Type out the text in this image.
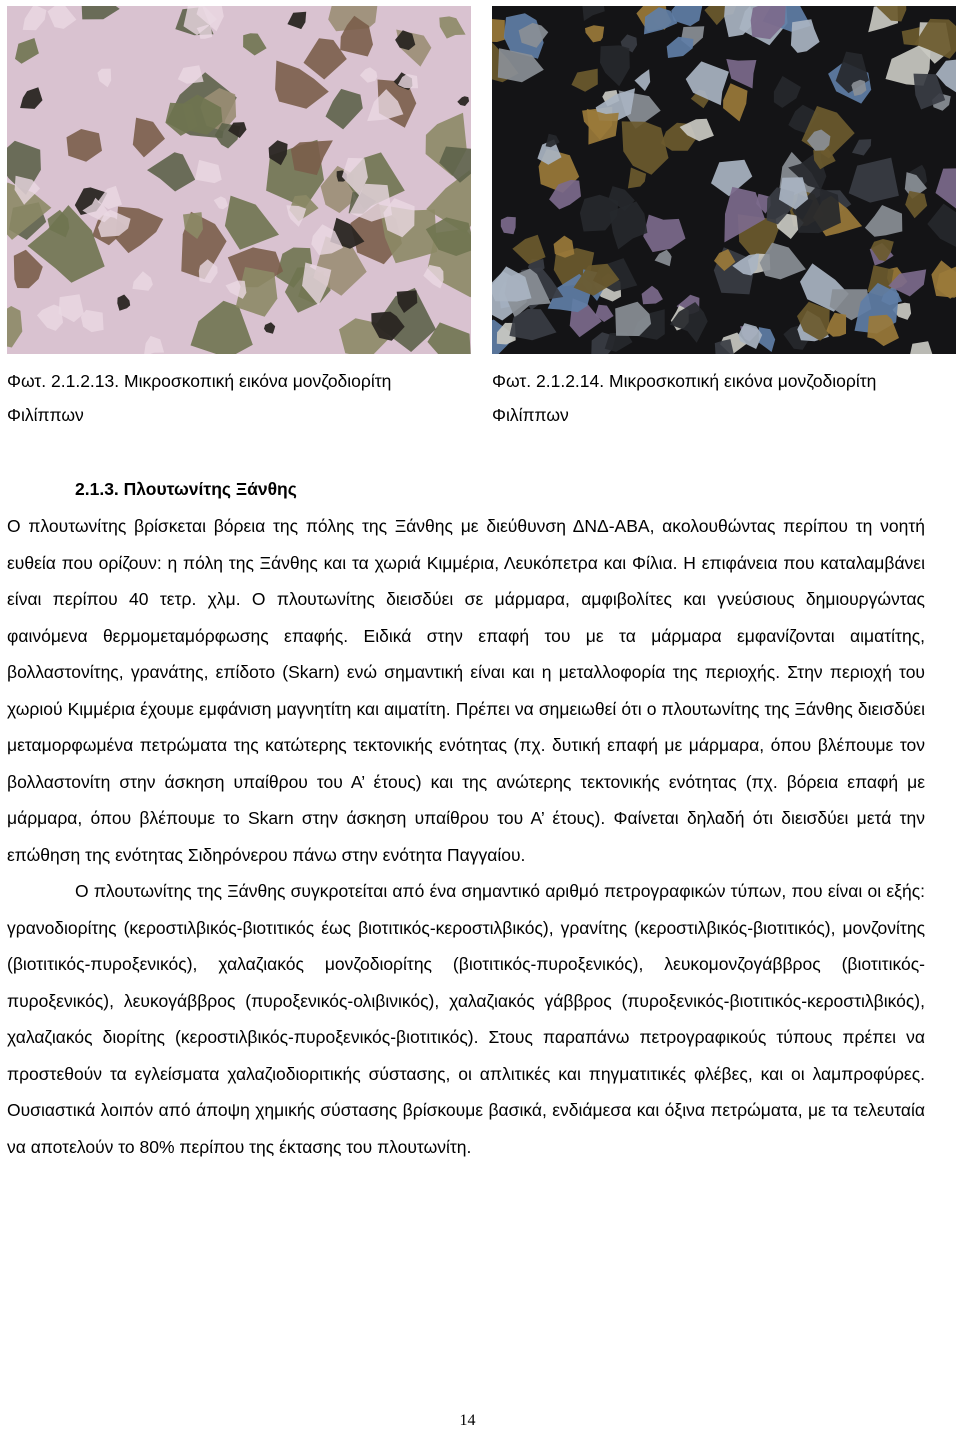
Φωτ. 2.1.2.13. Μικροσκοπική εικόνα μονζοδιορίτη
Φιλίππων
Φωτ. 2.1.2.14. Μικροσκοπική εικόνα μονζοδιορίτη
Φιλίππων
2.1.3. Πλουτωνίτης Ξάνθης

Ο πλουτωνίτης βρίσκεται βόρεια της πόλης της Ξάνθης με διεύθυνση ΔΝΔ-ΑΒΑ, ακολουθώντας περίπου τη νοητή ευθεία που ορίζουν: η πόλη της Ξάνθης και τα χωριά Κιμμέρια, Λευκόπετρα και Φίλια. Η επιφάνεια που καταλαμβάνει είναι περίπου 40 τετρ. χλμ. Ο πλουτωνίτης διεισδύει σε μάρμαρα, αμφιβολίτες και γνεύσιους δημιουργώντας φαινόμενα θερμομεταμόρφωσης επαφής. Ειδικά στην επαφή του με τα μάρμαρα εμφανίζονται αιματίτης, βολλαστονίτης, γρανάτης, επίδοτο (Skarn) ενώ σημαντική είναι και η μεταλλοφορία της περιοχής. Στην περιοχή του χωριού Κιμμέρια έχουμε εμφάνιση μαγνητίτη και αιματίτη. Πρέπει να σημειωθεί ότι ο πλουτωνίτης της Ξάνθης διεισδύει μεταμορφωμένα πετρώματα της κατώτερης τεκτονικής ενότητας (πχ. δυτική επαφή με μάρμαρα, όπου βλέπουμε τον βολλαστονίτη στην άσκηση υπαίθρου του Α’ έτους) και της ανώτερης τεκτονικής ενότητας (πχ. βόρεια επαφή με μάρμαρα, όπου βλέπουμε το Skarn στην άσκηση υπαίθρου του Α’ έτους). Φαίνεται δηλαδή ότι διεισδύει μετά την επώθηση της ενότητας Σιδηρόνερου πάνω στην ενότητα Παγγαίου.

Ο πλουτωνίτης της Ξάνθης συγκροτείται από ένα σημαντικό αριθμό πετρογραφικών τύπων, που είναι οι εξής: γρανοδιορίτης (κεροστιλβικός-βιοτιτικός έως βιοτιτικός-κεροστιλβικός), γρανίτης (κεροστιλβικός-βιοτιτικός), μονζονίτης (βιοτιτικός-πυροξενικός), χαλαζιακός μονζοδιορίτης (βιοτιτικός-πυροξενικός), λευκομονζογάββρος (βιοτιτικός-πυροξενικός), λευκογάββρος (πυροξενικός-ολιβινικός), χαλαζιακός γάββρος (πυροξενικός-βιοτιτικός-κεροστιλβικός), χαλαζιακός διορίτης (κεροστιλβικός-πυροξενικός-βιοτιτικός). Στους παραπάνω πετρογραφικούς τύπους πρέπει να προστεθούν τα εγλείσματα χαλαζιοδιοριτικής σύστασης, οι απλιτικές και πηγματιτικές φλέβες, και οι λαμπροφύρες. Ουσιαστικά λοιπόν από άποψη χημικής σύστασης βρίσκουμε βασικά, ενδιάμεσα και όξινα πετρώματα, με τα τελευταία να αποτελούν το 80% περίπου της έκτασης του πλουτωνίτη.

14
